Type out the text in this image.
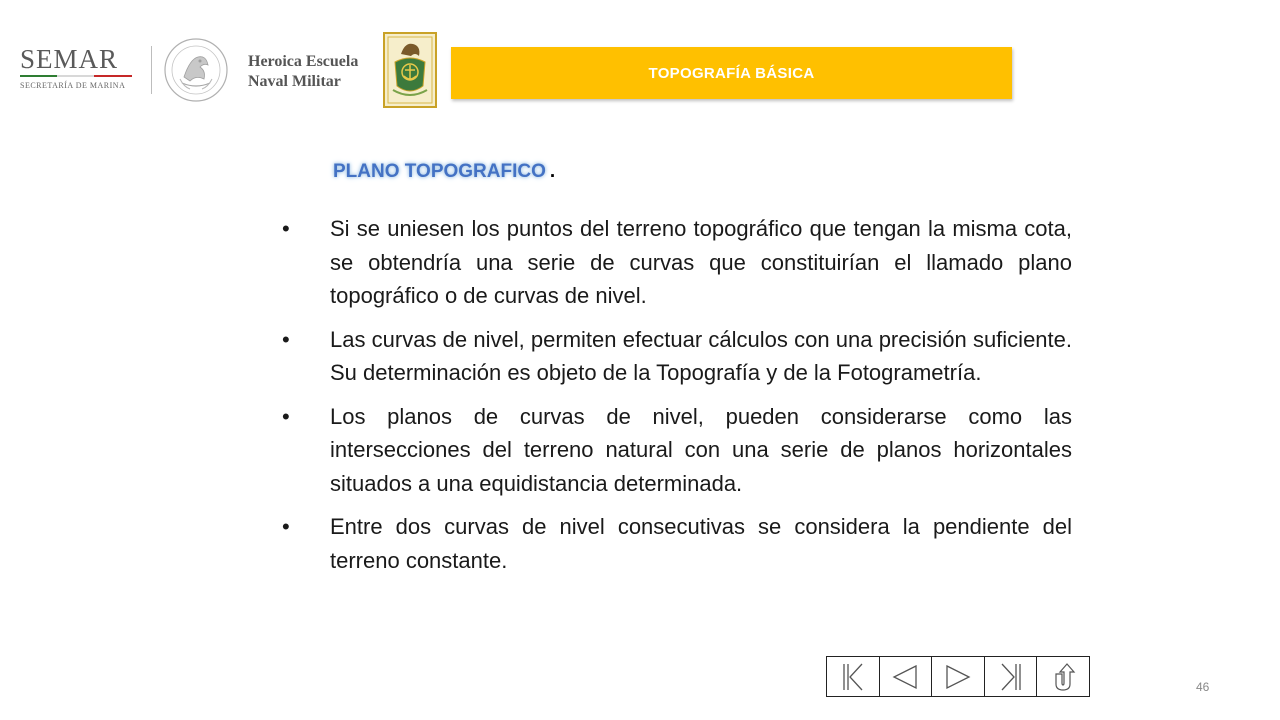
SEMAR
SECRETARÍA DE MARINA
Heroica Escuela
Naval Militar	TOPOGRAFÍA BÁSICA
PLANO TOPOGRAFICO .
• Si se uniesen los puntos del terreno topográfico que tengan la misma cota, se obtendría una serie de curvas que constituirían el llamado plano topográfico o de curvas de nivel.
• Las curvas de nivel, permiten efectuar cálculos con una precisión suficiente. Su determinación es objeto de la Topografía y de la Fotogrametría.
• Los planos de curvas de nivel, pueden considerarse como las intersecciones del terreno natural con una serie de planos horizontales situados a una equidistancia determinada.
• Entre dos curvas de nivel consecutivas se considera la pendiente del terreno constante.
46
